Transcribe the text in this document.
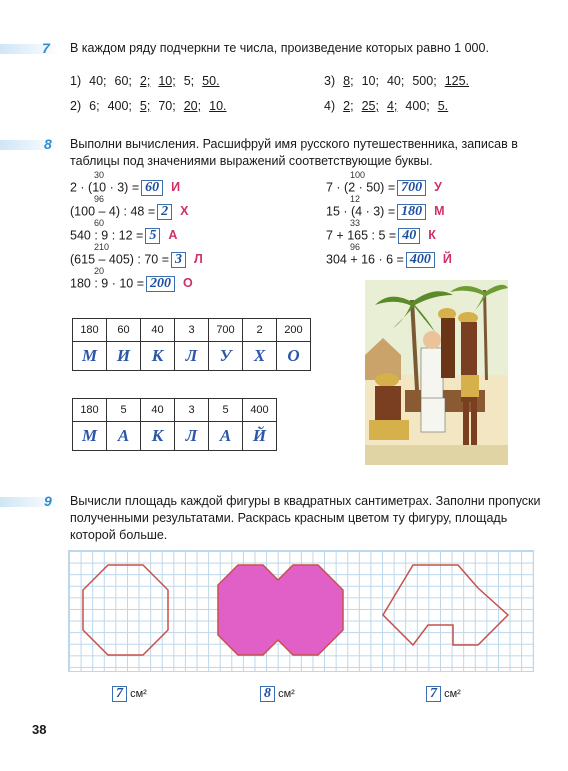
7 В каждом ряду подчеркни те числа, произведение которых равно 1 000.
1) 40; 60; 2; 10; 5; 50.	3) 8; 10; 40; 500; 125.
2) 6; 400; 5; 70; 20; 10.	4) 2; 25; 4; 400; 5.
8 Выполни вычисления. Расшифруй имя русского путешественника, записав в таблицы под значениями выражений соответствующие буквы.
2 · (10 · 3) = 60 И
30
(100 – 4) : 48 = 2 Х
96
540 : 9 : 12 = 5 А
60
(615 – 405) : 70 = 3 Л
210
180 : 9 · 10 = 200 О
20
7 · (2 · 50) = 700 У
100
15 · (4 · 3) = 180 М
12
7 + 165 : 5 = 40 К
33
304 + 16 · 6 = 400 Й
96
180	60	40	3	700	2	200
М	И	К	Л	У	Х	О
180	5	40	3	5	400
М	А	К	Л	А	Й
9 Вычисли площадь каждой фигуры в квадратных сантиметрах. Заполни пропуски полученными результатами. Раскрась красным цветом ту фигуру, площадь которой больше.
7 см²	8 см²	7 см²
38
